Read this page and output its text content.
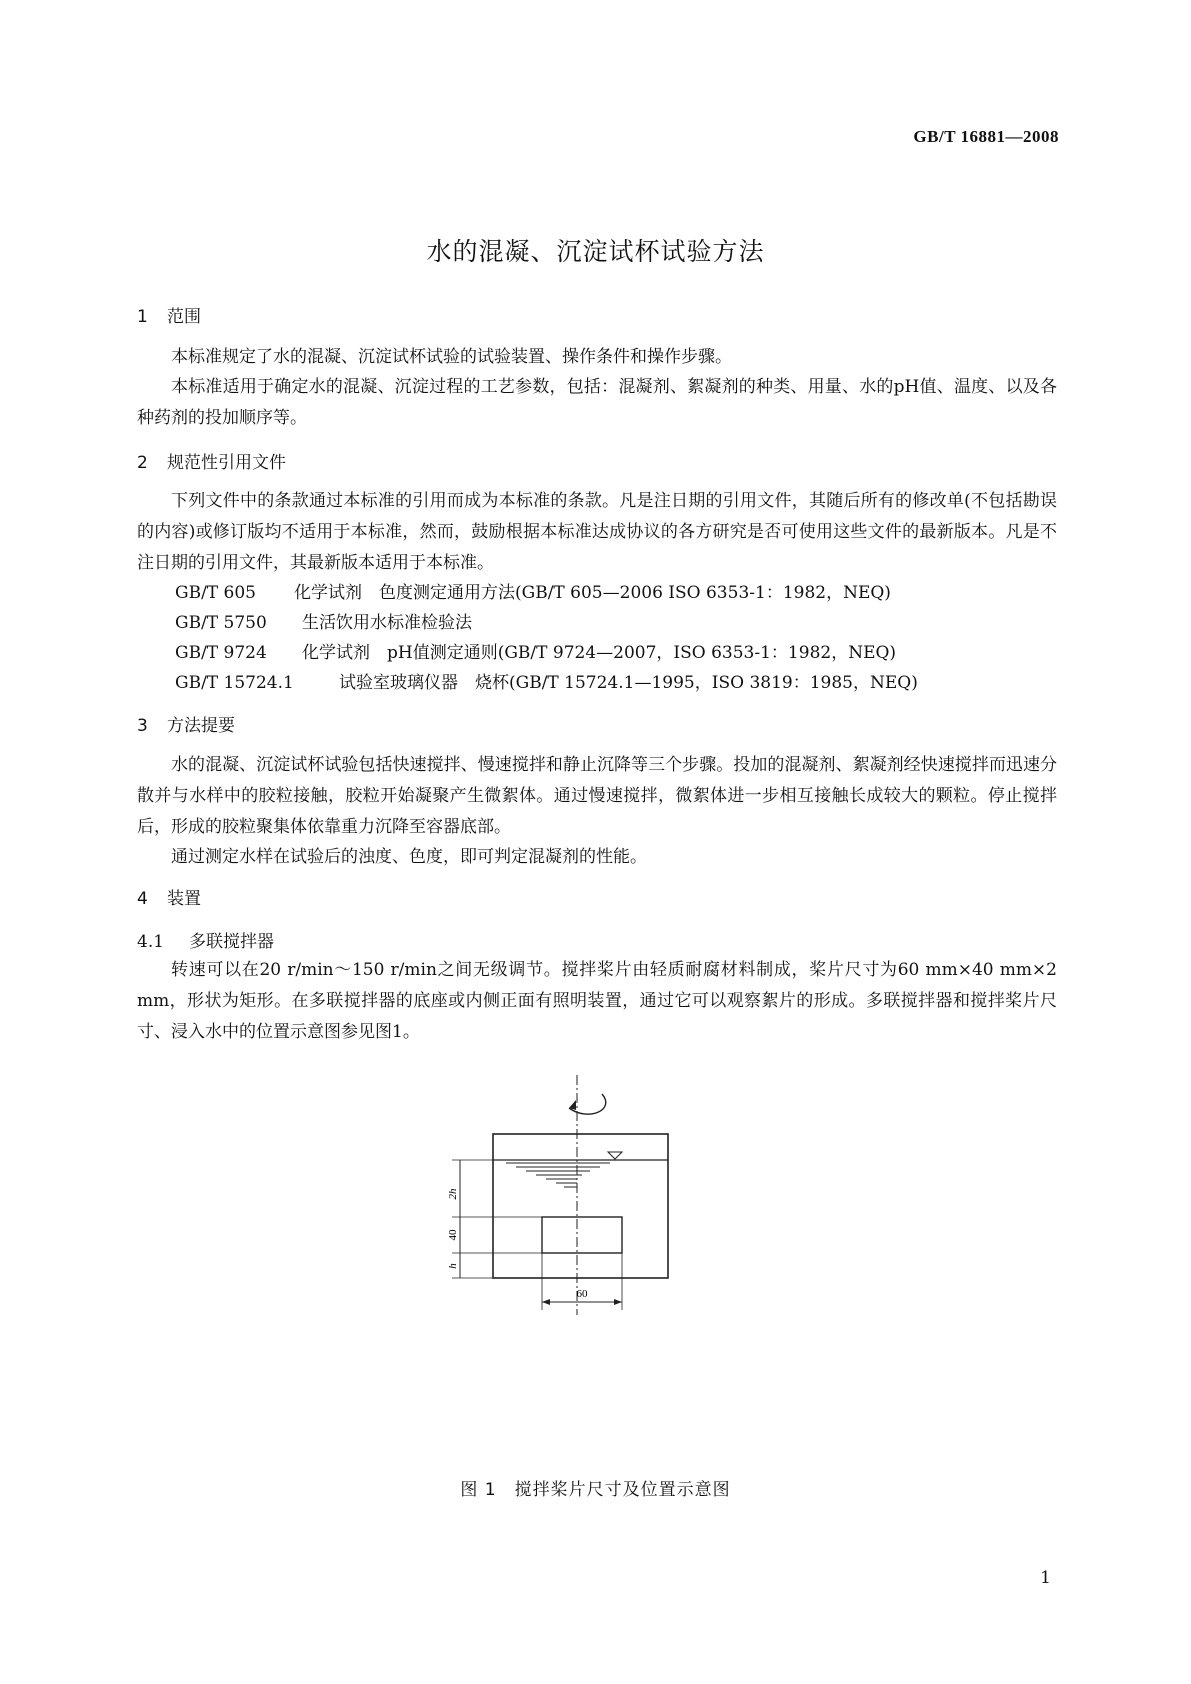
GB/T 16881—2008
水的混凝、沉淀试杯试验方法
1 范围

本标准规定了水的混凝、沉淀试杯试验的试验装置、操作条件和操作步骤。

本标准适用于确定水的混凝、沉淀过程的工艺参数，包括：混凝剂、絮凝剂的种类、用量、水的pH值、温度、以及各种药剂的投加顺序等。

2 规范性引用文件

下列文件中的条款通过本标准的引用而成为本标准的条款。凡是注日期的引用文件，其随后所有的修改单(不包括勘误的内容)或修订版均不适用于本标准，然而，鼓励根据本标准达成协议的各方研究是否可使用这些文件的最新版本。凡是不注日期的引用文件，其最新版本适用于本标准。

GB/T 605 化学试剂　色度测定通用方法(GB/T 605—2006 ISO 6353-1：1982，NEQ)
GB/T 5750 生活饮用水标准检验法
GB/T 9724 化学试剂　pH值测定通则(GB/T 9724—2007，ISO 6353-1：1982，NEQ)
GB/T 15724.1	试验室玻璃仪器　烧杯(GB/T 15724.1—1995，ISO 3819：1985，NEQ)
3 方法提要

水的混凝、沉淀试杯试验包括快速搅拌、慢速搅拌和静止沉降等三个步骤。投加的混凝剂、絮凝剂经快速搅拌而迅速分散并与水样中的胶粒接触，胶粒开始凝聚产生微絮体。通过慢速搅拌，微絮体进一步相互接触长成较大的颗粒。停止搅拌后，形成的胶粒聚集体依靠重力沉降至容器底部。

通过测定水样在试验后的浊度、色度，即可判定混凝剂的性能。

4 装置
4.1 多联搅拌器

转速可以在20 r/min～150 r/min之间无级调节。搅拌桨片由轻质耐腐材料制成，桨片尺寸为60 mm×40 mm×2 mm，形状为矩形。在多联搅拌器的底座或内侧正面有照明装置，通过它可以观察絮片的形成。多联搅拌器和搅拌桨片尺寸、浸入水中的位置示意图参见图1。

2h
40
h
60
图 1　搅拌桨片尺寸及位置示意图
1
